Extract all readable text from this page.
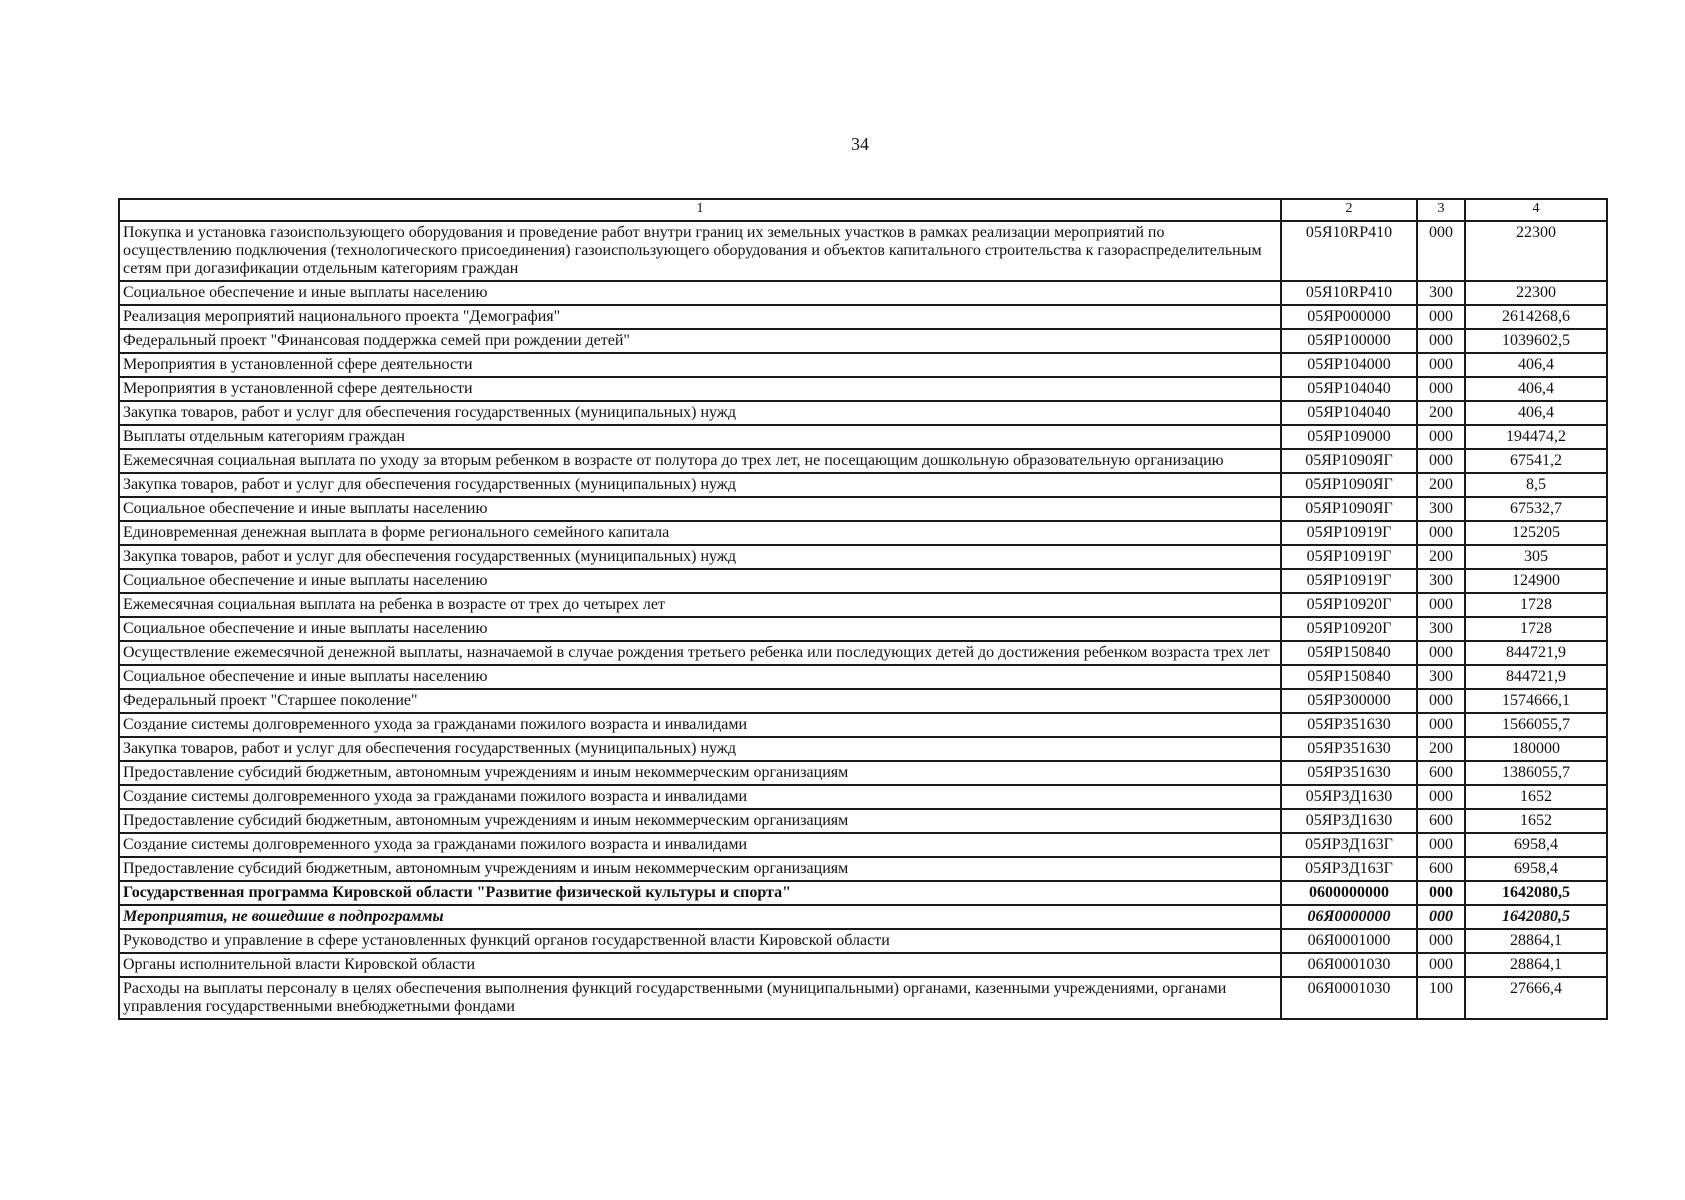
34
1	2	3	4
Покупка и установка газоиспользующего оборудования и проведение работ внутри границ их земельных участков в рамках реализации мероприятий по осуществлению подключения (технологического присоединения) газоиспользующего оборудования и объектов капитального строительства к газораспределительным сетям при догазификации отдельным категориям граждан	05Я10RP410	000	22300
Социальное обеспечение и иные выплаты населению	05Я10RP410	300	22300
Реализация мероприятий национального проекта "Демография"	05ЯР000000	000	2614268,6
Федеральный проект "Финансовая поддержка семей при рождении детей"	05ЯР100000	000	1039602,5
Мероприятия в установленной сфере деятельности	05ЯР104000	000	406,4
Мероприятия в установленной сфере деятельности	05ЯР104040	000	406,4
Закупка товаров, работ и услуг для обеспечения государственных (муниципальных) нужд	05ЯР104040	200	406,4
Выплаты отдельным категориям граждан	05ЯР109000	000	194474,2
Ежемесячная социальная выплата по уходу за вторым ребенком в возрасте от полутора до трех лет, не посещающим дошкольную образовательную организацию	05ЯР1090ЯГ	000	67541,2
Закупка товаров, работ и услуг для обеспечения государственных (муниципальных) нужд	05ЯР1090ЯГ	200	8,5
Социальное обеспечение и иные выплаты населению	05ЯР1090ЯГ	300	67532,7
Единовременная денежная выплата в форме регионального семейного капитала	05ЯР10919Г	000	125205
Закупка товаров, работ и услуг для обеспечения государственных (муниципальных) нужд	05ЯР10919Г	200	305
Социальное обеспечение и иные выплаты населению	05ЯР10919Г	300	124900
Ежемесячная социальная выплата на ребенка в возрасте от трех до четырех лет	05ЯР10920Г	000	1728
Социальное обеспечение и иные выплаты населению	05ЯР10920Г	300	1728
Осуществление ежемесячной денежной выплаты, назначаемой в случае рождения третьего ребенка или последующих детей до достижения ребенком возраста трех лет	05ЯР150840	000	844721,9
Социальное обеспечение и иные выплаты населению	05ЯР150840	300	844721,9
Федеральный проект "Старшее поколение"	05ЯР300000	000	1574666,1
Создание системы долговременного ухода за гражданами пожилого возраста и инвалидами	05ЯР351630	000	1566055,7
Закупка товаров, работ и услуг для обеспечения государственных (муниципальных) нужд	05ЯР351630	200	180000
Предоставление субсидий бюджетным, автономным учреждениям и иным некоммерческим организациям	05ЯР351630	600	1386055,7
Создание системы долговременного ухода за гражданами пожилого возраста и инвалидами	05ЯР3Д1630	000	1652
Предоставление субсидий бюджетным, автономным учреждениям и иным некоммерческим организациям	05ЯР3Д1630	600	1652
Создание системы долговременного ухода за гражданами пожилого возраста и инвалидами	05ЯР3Д163Г	000	6958,4
Предоставление субсидий бюджетным, автономным учреждениям и иным некоммерческим организациям	05ЯР3Д163Г	600	6958,4
Государственная программа Кировской области "Развитие физической культуры и спорта"	0600000000	000	1642080,5
Мероприятия, не вошедшие в подпрограммы	06Я0000000	000	1642080,5
Руководство и управление в сфере установленных функций органов государственной власти Кировской области	06Я0001000	000	28864,1
Органы исполнительной власти Кировской области	06Я0001030	000	28864,1
Расходы на выплаты персоналу в целях обеспечения выполнения функций государственными (муниципальными) органами, казенными учреждениями, органами управления государственными внебюджетными фондами	06Я0001030	100	27666,4
